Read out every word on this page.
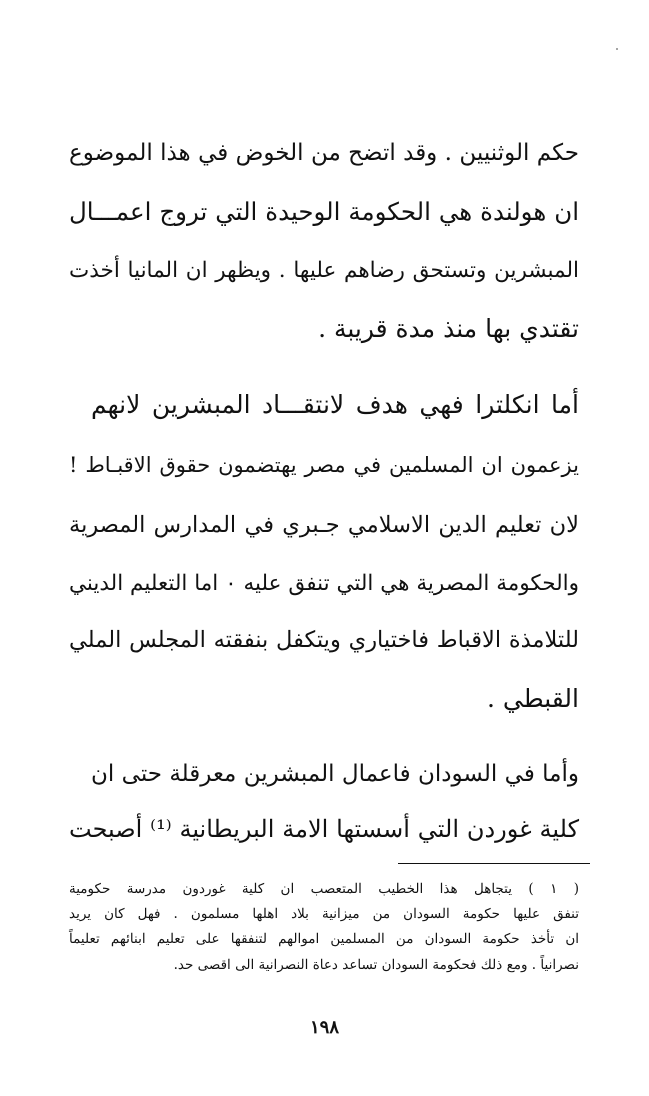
حكم الوثنيين . وقد اتضح من الخوض في هذا الموضوع
ان هولندة هي الحكومة الوحيدة التي تروج اعمـــال
المبشرين وتستحق رضاهم عليها . ويظهر ان المانيا أخذت
تقتدي بها منذ مدة قريبة .
أما انكلترا فهي هدف لانتقـــاد المبشرين لانهم
يزعمون ان المسلمين في مصر يهتضمون حقوق الاقبـاط !
لان تعليم الدين الاسلامي جـبري في المدارس المصرية
والحكومة المصرية هي التي تنفق عليه ٠ اما التعليم الديني
للتلامذة الاقباط فاختياري ويتكفل بنفقته المجلس الملي
القبطي .
وأما في السودان فاعمال المبشرين معرقلة حتى ان
كلية غوردن التي أسستها الامة البريطانية ⁽¹⁾ أصبحت
( ١ ) يتجاهل هذا الخطيب المتعصب ان كلية غوردون مدرسة حكومية
تنفق عليها حكومة السودان من ميزانية بلاد اهلها مسلمون . فهل كان يريد
ان تأخذ حكومة السودان من المسلمين اموالهم لتنفقها على تعليم ابنائهم تعليماً
نصرانياً . ومع ذلك فحكومة السودان تساعد دعاة النصرانية الى اقصى حد.
١٩٨
